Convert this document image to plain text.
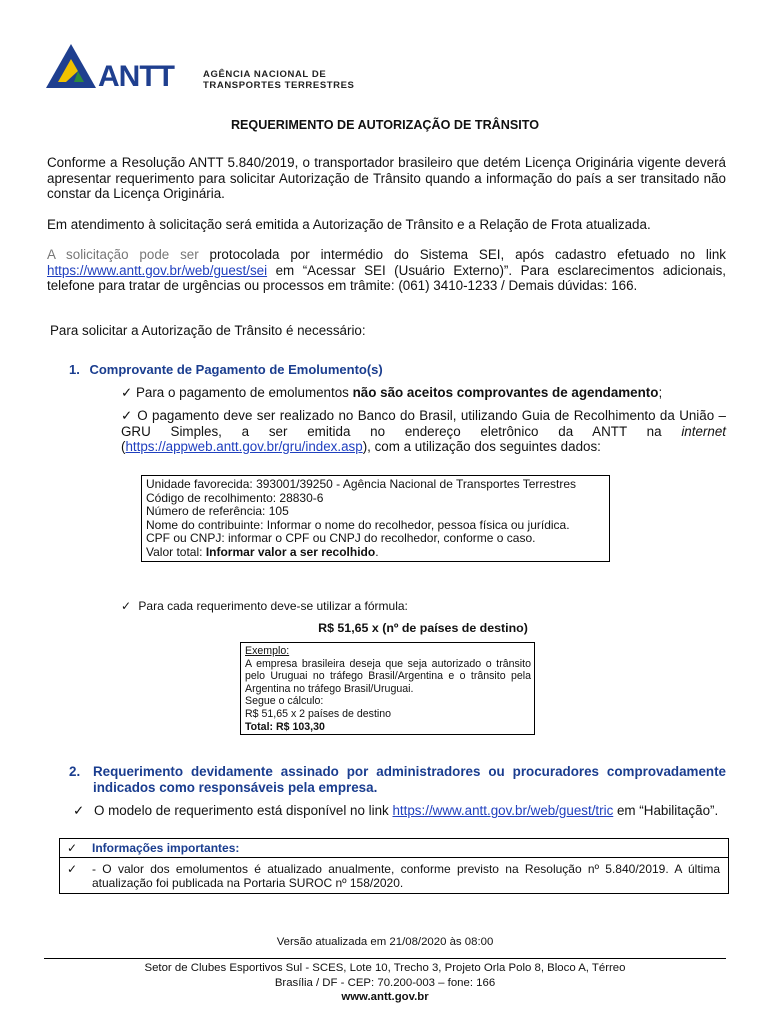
ANTT	AGÊNCIA NACIONAL DE
TRANSPORTES TERRESTRES
REQUERIMENTO DE AUTORIZAÇÃO DE TRÂNSITO
Conforme a Resolução ANTT 5.840/2019, o transportador brasileiro que detém Licença Originária vigente deverá apresentar requerimento para solicitar Autorização de Trânsito quando a informação do país a ser transitado não constar da Licença Originária.
Em atendimento à solicitação será emitida a Autorização de Trânsito e a Relação de Frota atualizada.
A solicitação pode ser protocolada por intermédio do Sistema SEI, após cadastro efetuado no link https://www.antt.gov.br/web/guest/sei em “Acessar SEI (Usuário Externo)”. Para esclarecimentos adicionais, telefone para tratar de urgências ou processos em trâmite: (061) 3410-1233 / Demais dúvidas: 166.
Para solicitar a Autorização de Trânsito é necessário:
1. Comprovante de Pagamento de Emolumento(s)
✓ Para o pagamento de emolumentos não são aceitos comprovantes de agendamento;
✓ O pagamento deve ser realizado no Banco do Brasil, utilizando Guia de Recolhimento da União – GRU Simples, a ser emitida no endereço eletrônico da ANTT na internet (https://appweb.antt.gov.br/gru/index.asp), com a utilização dos seguintes dados:
Unidade favorecida: 393001/39250 - Agência Nacional de Transportes Terrestres
Código de recolhimento: 28830-6
Número de referência: 105
Nome do contribuinte: Informar o nome do recolhedor, pessoa física ou jurídica.
CPF ou CNPJ: informar o CPF ou CNPJ do recolhedor, conforme o caso.
Valor total: Informar valor a ser recolhido.
✓ Para cada requerimento deve-se utilizar a fórmula:
R$ 51,65 x (nº de países de destino)
Exemplo:
A empresa brasileira deseja que seja autorizado o trânsito pelo Uruguai no tráfego Brasil/Argentina e o trânsito pela Argentina no tráfego Brasil/Uruguai.
Segue o cálculo:
R$ 51,65 x 2 países de destino
Total: R$ 103,30
2. Requerimento devidamente assinado por administradores ou procuradores comprovadamente indicados como responsáveis pela empresa.
✓ O modelo de requerimento está disponível no link https://www.antt.gov.br/web/guest/tric em “Habilitação”.
✓	Informações importantes:
✓	- O valor dos emolumentos é atualizado anualmente, conforme previsto na Resolução nº 5.840/2019. A última atualização foi publicada na Portaria SUROC nº 158/2020.
Versão atualizada em 21/08/2020 às 08:00
Setor de Clubes Esportivos Sul - SCES, Lote 10, Trecho 3, Projeto Orla Polo 8, Bloco A, Térreo
Brasília / DF - CEP: 70.200-003 – fone: 166
www.antt.gov.br
